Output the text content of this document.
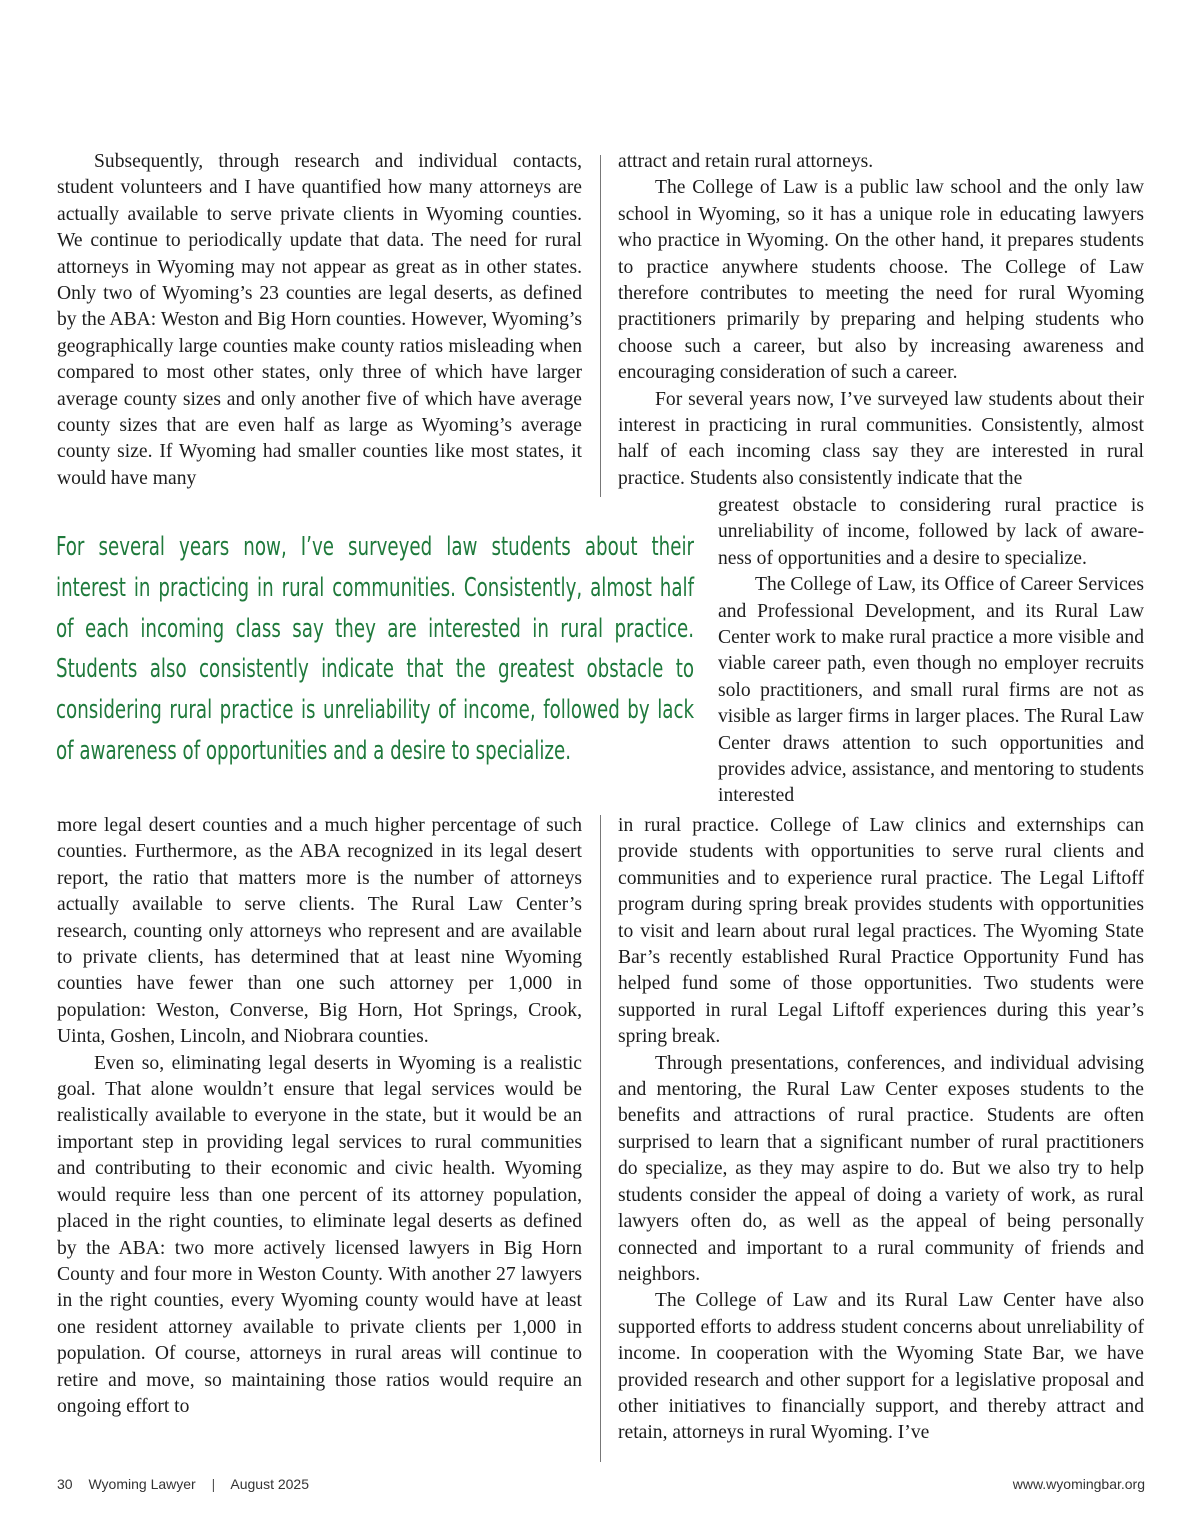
Subsequently, through research and individual contacts, student volunteers and I have quantified how many attorneys are actually available to serve private clients in Wyoming counties. We continue to periodically update that data. The need for rural attorneys in Wyoming may not appear as great as in other states. Only two of Wyoming’s 23 counties are legal deserts, as defined by the ABA: Weston and Big Horn counties. However, Wyoming’s geographically large counties make county ratios misleading when compared to most other states, only three of which have larger average county sizes and only another five of which have average county sizes that are even half as large as Wyoming’s average county size. If Wyoming had smaller counties like most states, it would have many

attract and retain rural attorneys.

The College of Law is a public law school and the only law school in Wyoming, so it has a unique role in educating lawyers who practice in Wyoming. On the other hand, it prepares students to practice anywhere students choose. The College of Law therefore contributes to meeting the need for rural Wyoming practitioners primarily by preparing and helping students who choose such a career, but also by increasing awareness and encouraging consideration of such a career.

For several years now, I’ve surveyed law students about their interest in practicing in rural communities. Consistently, almost half of each incoming class say they are interested in rural practice. Students also consistently indicate that the

For several years now, I’ve surveyed law students about their interest in practicing in rural communities. Consistently, almost half of each incoming class say they are interested in rural practice. Students also consistently indicate that the greatest obstacle to considering rural practice is unreliability of income, followed by lack of awareness of opportunities and a desire to specialize.

greatest obstacle to considering rural practice is unreliability of income, followed by lack of awareness of opportunities and a desire to specialize.

The College of Law, its Office of Career Services and Professional Development, and its Rural Law Center work to make rural practice a more visible and viable career path, even though no employer recruits solo practitioners, and small rural firms are not as visible as larger firms in larger places. The Rural Law Center draws attention to such opportunities and provides advice, assistance, and mentoring to students interested

more legal desert counties and a much higher percentage of such counties. Furthermore, as the ABA recognized in its legal desert report, the ratio that matters more is the number of attorneys actually available to serve clients. The Rural Law Center’s research, counting only attorneys who represent and are available to private clients, has determined that at least nine Wyoming counties have fewer than one such attorney per 1,000 in population: Weston, Converse, Big Horn, Hot Springs, Crook, Uinta, Goshen, Lincoln, and Niobrara counties.

Even so, eliminating legal deserts in Wyoming is a realistic goal. That alone wouldn’t ensure that legal services would be realistically available to everyone in the state, but it would be an important step in providing legal services to rural communities and contributing to their economic and civic health. Wyoming would require less than one percent of its attorney population, placed in the right counties, to eliminate legal deserts as defined by the ABA: two more actively licensed lawyers in Big Horn County and four more in Weston County. With another 27 lawyers in the right counties, every Wyoming county would have at least one resident attorney available to private clients per 1,000 in population. Of course, attorneys in rural areas will continue to retire and move, so maintaining those ratios would require an ongoing effort to

in rural practice. College of Law clinics and externships can provide students with opportunities to serve rural clients and communities and to experience rural practice. The Legal Liftoff program during spring break provides students with opportunities to visit and learn about rural legal practices. The Wyoming State Bar’s recently established Rural Practice Opportunity Fund has helped fund some of those opportunities. Two students were supported in rural Legal Liftoff experiences during this year’s spring break.

Through presentations, conferences, and individual advising and mentoring, the Rural Law Center exposes students to the benefits and attractions of rural practice. Students are often surprised to learn that a significant number of rural practitioners do specialize, as they may aspire to do. But we also try to help students consider the appeal of doing a variety of work, as rural lawyers often do, as well as the appeal of being personally connected and important to a rural community of friends and neighbors.

The College of Law and its Rural Law Center have also supported efforts to address student concerns about unreliability of income. In cooperation with the Wyoming State Bar, we have provided research and other support for a legislative proposal and other initiatives to financially support, and thereby attract and retain, attorneys in rural Wyoming. I’ve

30 Wyoming Lawyer | August 2025	www.wyomingbar.org
